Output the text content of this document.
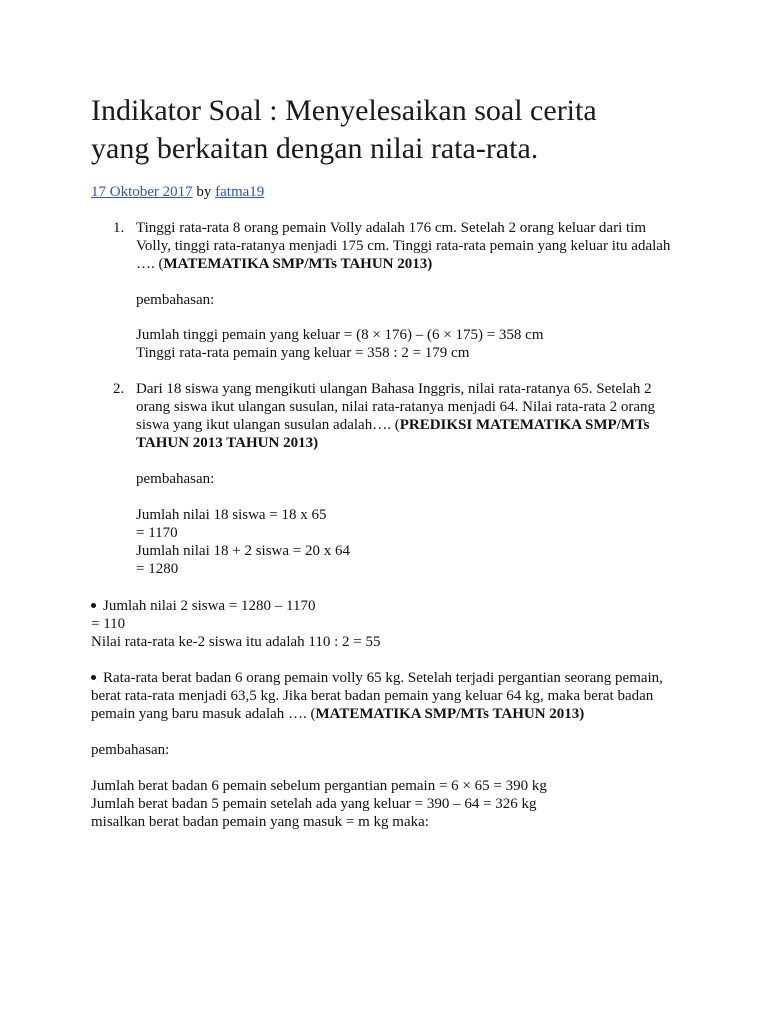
Indikator Soal : Menyelesaikan soal cerita
yang berkaitan dengan nilai rata-rata.
17 Oktober 2017 by fatma19
1. Tinggi rata-rata 8 orang pemain Volly adalah 176 cm. Setelah 2 orang keluar dari tim

Volly, tinggi rata-ratanya menjadi 175 cm. Tinggi rata-rata pemain yang keluar itu adalah

…. (MATEMATIKA SMP/MTs TAHUN 2013)

pembahasan:

Jumlah tinggi pemain yang keluar = (8 × 176) – (6 × 175) = 358 cm

Tinggi rata-rata pemain yang keluar = 358 : 2 = 179 cm

2. Dari 18 siswa yang mengikuti ulangan Bahasa Inggris, nilai rata-ratanya 65. Setelah 2

orang siswa ikut ulangan susulan, nilai rata-ratanya menjadi 64. Nilai rata-rata 2 orang

siswa yang ikut ulangan susulan adalah…. (PREDIKSI MATEMATIKA SMP/MTs

TAHUN 2013 TAHUN 2013)

pembahasan:

Jumlah nilai 18 siswa = 18 x 65

= 1170

Jumlah nilai 18 + 2 siswa = 20 x 64

= 1280

Jumlah nilai 2 siswa = 1280 – 1170

= 110

Nilai rata-rata ke-2 siswa itu adalah 110 : 2 = 55

Rata-rata berat badan 6 orang pemain volly 65 kg. Setelah terjadi pergantian seorang pemain,

berat rata-rata menjadi 63,5 kg. Jika berat badan pemain yang keluar 64 kg, maka berat badan

pemain yang baru masuk adalah …. (MATEMATIKA SMP/MTs TAHUN 2013)

pembahasan:

Jumlah berat badan 6 pemain sebelum pergantian pemain = 6 × 65 = 390 kg

Jumlah berat badan 5 pemain setelah ada yang keluar = 390 – 64 = 326 kg

misalkan berat badan pemain yang masuk = m kg maka:
